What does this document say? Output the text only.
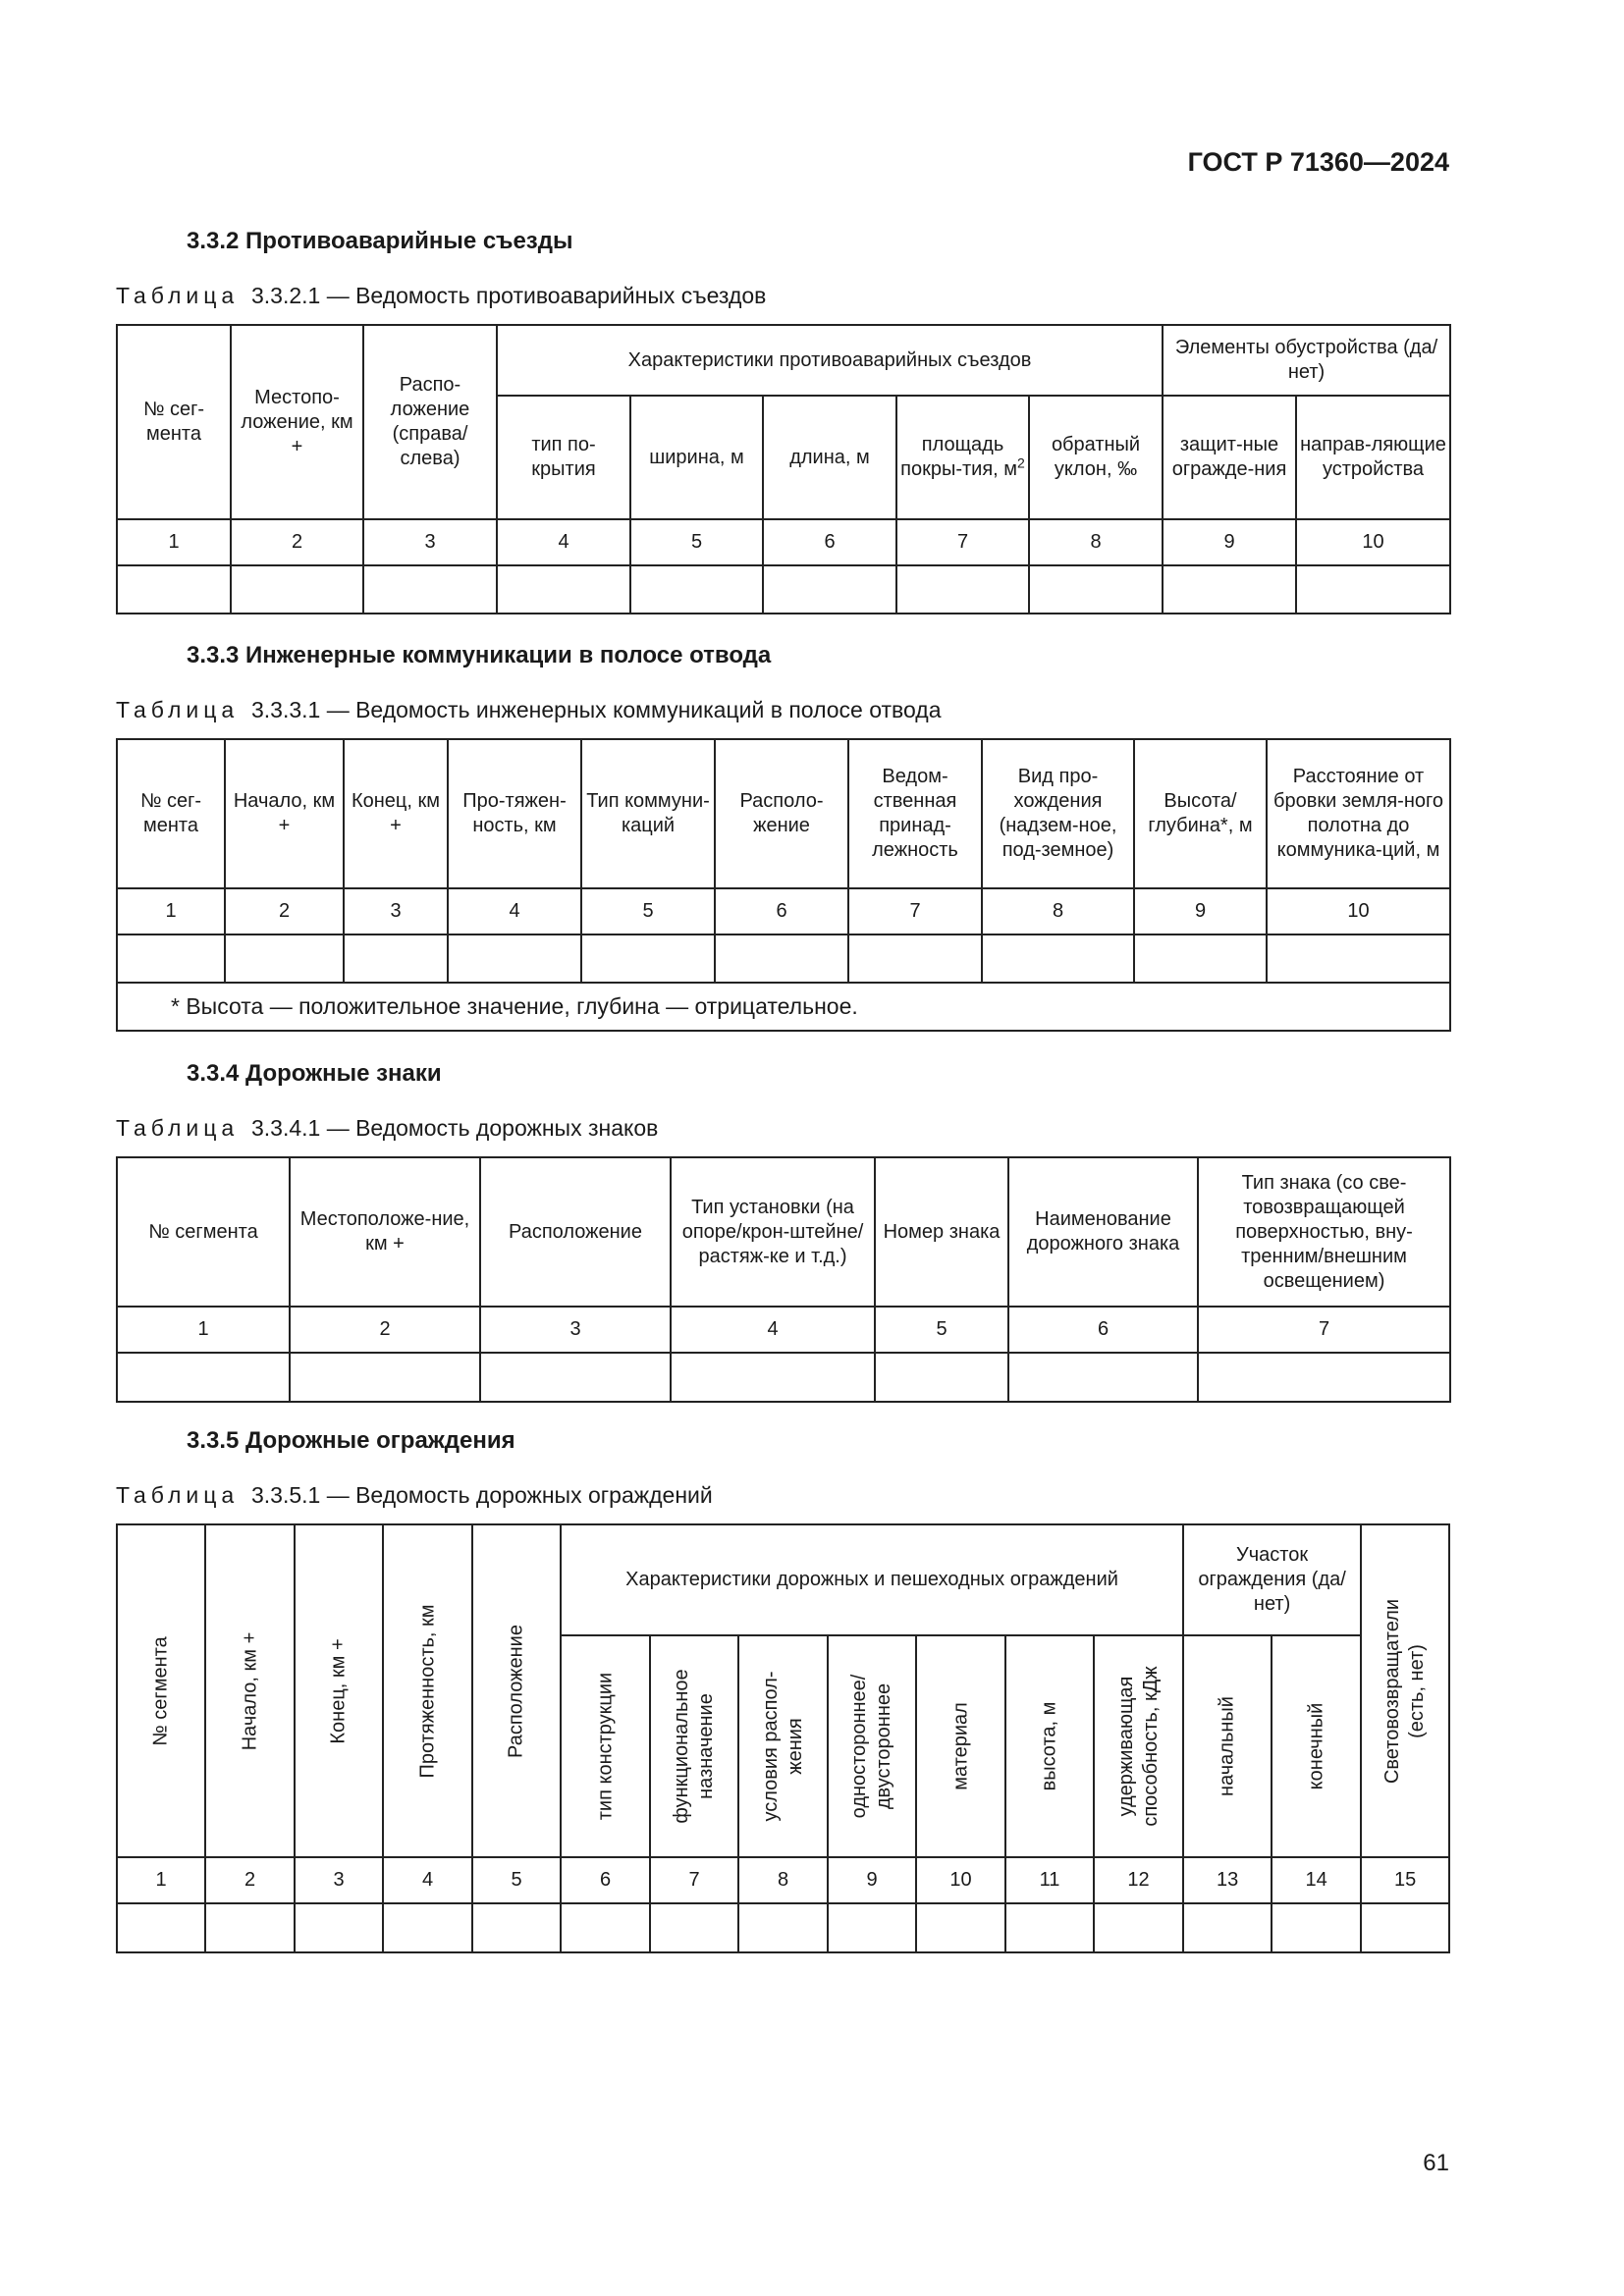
ГОСТ Р 71360—2024
3.3.2 Противоаварийные съезды
Таблица 3.3.2.1 — Ведомость противоаварийных съездов
№ сег-мента	Местопо-ложение, км +	Распо-ложение (справа/ слева)	Характеристики противоаварийных съездов					Элементы обустройства (да/нет)	
			тип по-крытия	ширина, м	длина, м	площадь покры-тия, $м^2$	обратный уклон, ‰	защит-ные огражде-ния	направ-ляющие устройства
1	2	3	4	5	6	7	8	9	10

3.3.3 Инженерные коммуникации в полосе отвода
Таблица 3.3.3.1 — Ведомость инженерных коммуникаций в полосе отвода
№ сег-мента	Начало, км +	Конец, км +	Про-тяжен-ность, км	Тип коммуни-каций	Располо-жение	Ведом-ственная принад-лежность	Вид про-хождения (надзем-ное, под-земное)	Высота/ глубина*, м	Расстояние от бровки земля-ного полотна до коммуника-ций, м
1	2	3	4	5	6	7	8	9	10

* Высота — положительное значение, глубина — отрицательное.									
3.3.4 Дорожные знаки
Таблица 3.3.4.1 — Ведомость дорожных знаков
№ сегмента	Местоположе-ние, км +	Расположение	Тип установки (на опоре/крон-штейне/растяж-ке и т.д.)	Номер знака	Наименование дорожного знака	Тип знака (со све-товозвращающей поверхностью, вну-тренним/внешним освещением)
1	2	3	4	5	6	7

3.3.5 Дорожные ограждения
Таблица 3.3.5.1 — Ведомость дорожных ограждений
№ сегмента	Начало, км +	Конец, км +	Протяженность, км	Расположение	Характеристики дорожных и пешеходных ограждений							Участок ограждения (да/нет)		Световозвращатели (есть, нет)

					тип конструкции	функциональное назначение	условия распол- жения	одностороннее/ двустороннее	материал	высота, м	удерживающая способность, кДж	начальный	конечный	

1	2	3	4	5	6	7	8	9	10	11	12	13	14	15

61
